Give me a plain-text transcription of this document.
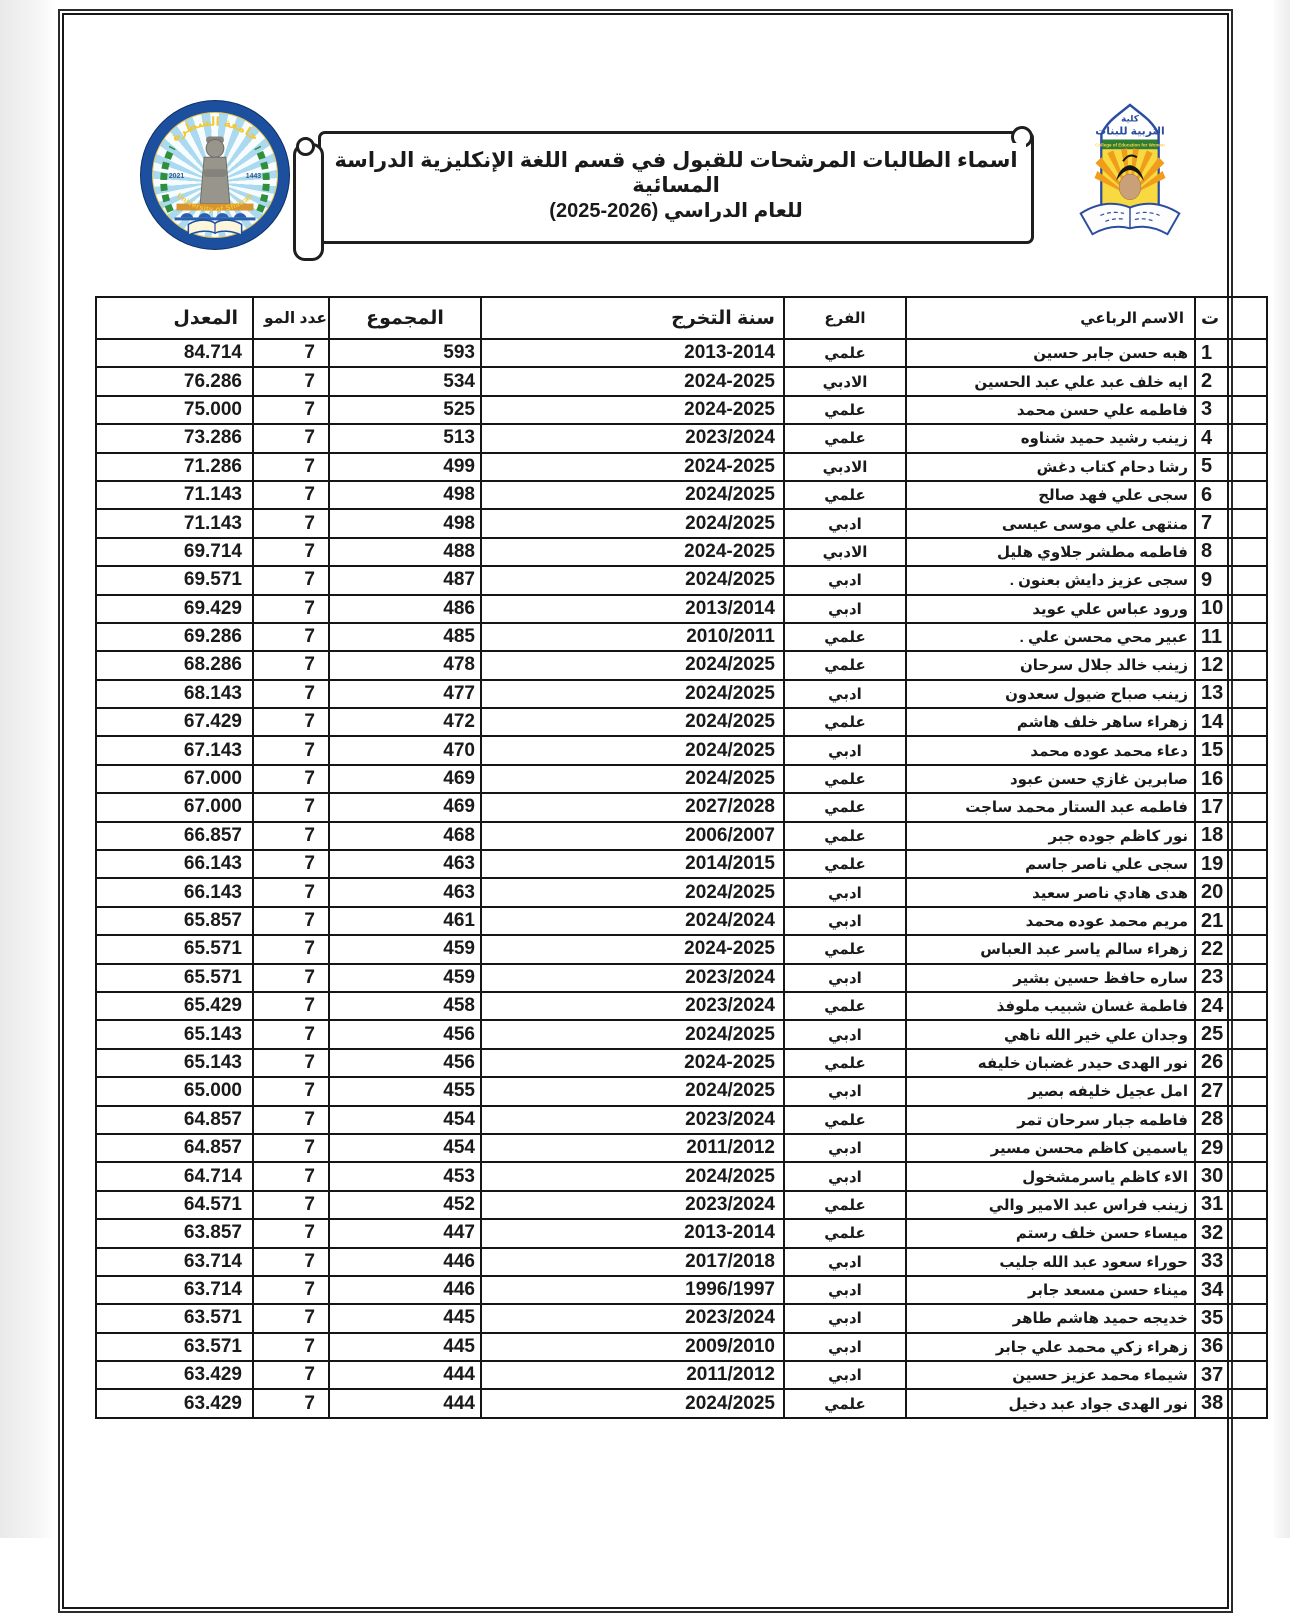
2021	1443
جامعة الشطرة
University of Shatrah
اسماء الطالبات المرشحات للقبول في قسم اللغة الإنكليزية الدراسة المسائية
للعام الدراسي (2026-2025)
كلية
التربية للبنات
College of Education for Women
ت	الاسم الرباعي	الفرع	سنة التخرج	المجموع	عدد المو	المعدل
1	هبه حسن جابر حسين	علمي	2013-2014	593	7	84.714
2	ايه خلف عبد علي عبد الحسين	الادبي	2024-2025	534	7	76.286
3	فاطمه علي حسن محمد	علمي	2024-2025	525	7	75.000
4	زينب رشيد حميد شناوه	علمي	2023/2024	513	7	73.286
5	رشا دحام كتاب دغش	الادبي	2024-2025	499	7	71.286
6	سجى علي فهد صالح	علمي	2024/2025	498	7	71.143
7	منتهى علي موسى عيسى	ادبي	2024/2025	498	7	71.143
8	فاطمه مطشر جلاوي هليل	الادبي	2024-2025	488	7	69.714
9	سجى عزيز دايش بعنون .	ادبي	2024/2025	487	7	69.571
10	ورود عباس علي عويد	ادبي	2013/2014	486	7	69.429
11	عبير محي محسن علي .	علمي	2010/2011	485	7	69.286
12	زينب خالد جلال سرحان	علمي	2024/2025	478	7	68.286
13	زينب صباح ضيول سعدون	ادبي	2024/2025	477	7	68.143
14	زهراء ساهر خلف هاشم	علمي	2024/2025	472	7	67.429
15	دعاء محمد عوده محمد	ادبي	2024/2025	470	7	67.143
16	صابرين غازي حسن عبود	علمي	2024/2025	469	7	67.000
17	فاطمه عبد الستار محمد ساجت	علمي	2027/2028	469	7	67.000
18	نور كاظم جوده جبر	علمي	2006/2007	468	7	66.857
19	سجى علي ناصر جاسم	علمي	2014/2015	463	7	66.143
20	هدى هادي ناصر سعيد	ادبي	2024/2025	463	7	66.143
21	مريم محمد عوده محمد	ادبي	2024/2024	461	7	65.857
22	زهراء سالم ياسر عبد العباس	علمي	2024-2025	459	7	65.571
23	ساره حافظ حسين بشير	ادبي	2023/2024	459	7	65.571
24	فاطمة غسان شبيب ملوفذ	علمي	2023/2024	458	7	65.429
25	وجدان علي خير الله ناهي	ادبي	2024/2025	456	7	65.143
26	نور الهدى حيدر غضبان خليفه	علمي	2024-2025	456	7	65.143
27	امل عجيل خليفه بصير	ادبي	2024/2025	455	7	65.000
28	فاطمه جبار سرحان تمر	علمي	2023/2024	454	7	64.857
29	ياسمين كاظم محسن مسير	ادبي	2011/2012	454	7	64.857
30	الاء كاظم ياسرمشخول	ادبي	2024/2025	453	7	64.714
31	زينب فراس عبد الامير والي	علمي	2023/2024	452	7	64.571
32	ميساء حسن خلف رستم	علمي	2013-2014	447	7	63.857
33	حوراء سعود عبد الله جليب	ادبي	2017/2018	446	7	63.714
34	ميناء حسن مسعد جابر	ادبي	1996/1997	446	7	63.714
35	خديجه حميد هاشم طاهر	ادبي	2023/2024	445	7	63.571
36	زهراء زكي محمد علي جابر	ادبي	2009/2010	445	7	63.571
37	شيماء محمد عزيز حسين	ادبي	2011/2012	444	7	63.429
38	نور الهدى جواد عبد دخيل	علمي	2024/2025	444	7	63.429
